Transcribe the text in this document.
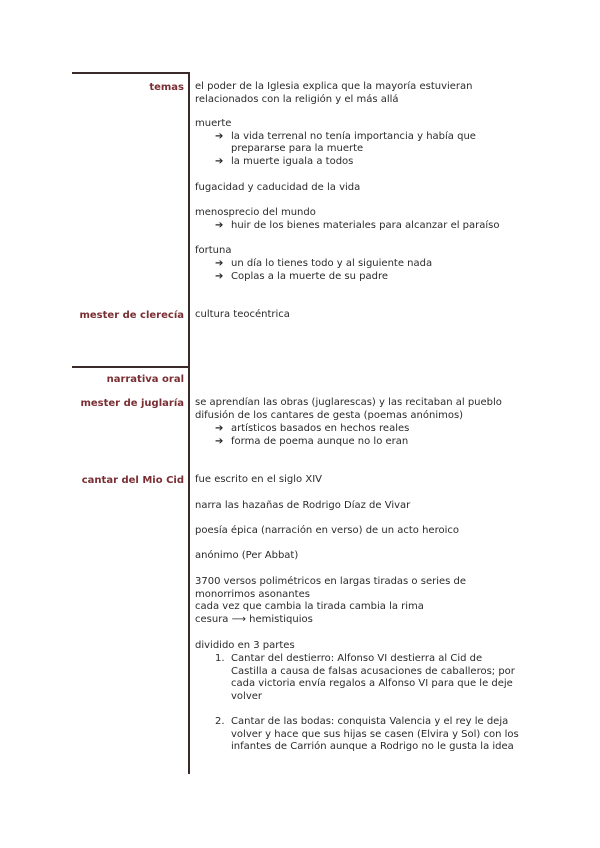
temas el poder de la Iglesia explica que la mayoría estuvieran
relacionados con la religión y el más allá
muerte
➔ la vida terrenal no tenía importancia y había que
prepararse para la muerte
➔ la muerte iguala a todos
fugacidad y caducidad de la vida
menosprecio del mundo
➔ huir de los bienes materiales para alcanzar el paraíso
fortuna
➔ un día lo tienes todo y al siguiente nada
➔ Coplas a la muerte de su padre
mester de clerecía cultura teocéntrica
narrativa oral
mester de juglaría se aprendían las obras (juglarescas) y las recitaban al pueblo
difusión de los cantares de gesta (poemas anónimos)
➔ artísticos basados en hechos reales
➔ forma de poema aunque no lo eran
cantar del Mio Cid fue escrito en el siglo XIV
narra las hazañas de Rodrigo Díaz de Vivar
poesía épica (narración en verso) de un acto heroico
anónimo (Per Abbat)
3700 versos polimétricos en largas tiradas o series de
monorrimos asonantes
cada vez que cambia la tirada cambia la rima
cesura ⟶ hemistiquios
dividido en 3 partes
1. Cantar del destierro: Alfonso VI destierra al Cid de
Castilla a causa de falsas acusaciones de caballeros; por
cada victoria envía regalos a Alfonso VI para que le deje
volver
2. Cantar de las bodas: conquista Valencia y el rey le deja
volver y hace que sus hijas se casen (Elvira y Sol) con los
infantes de Carrión aunque a Rodrigo no le gusta la idea
